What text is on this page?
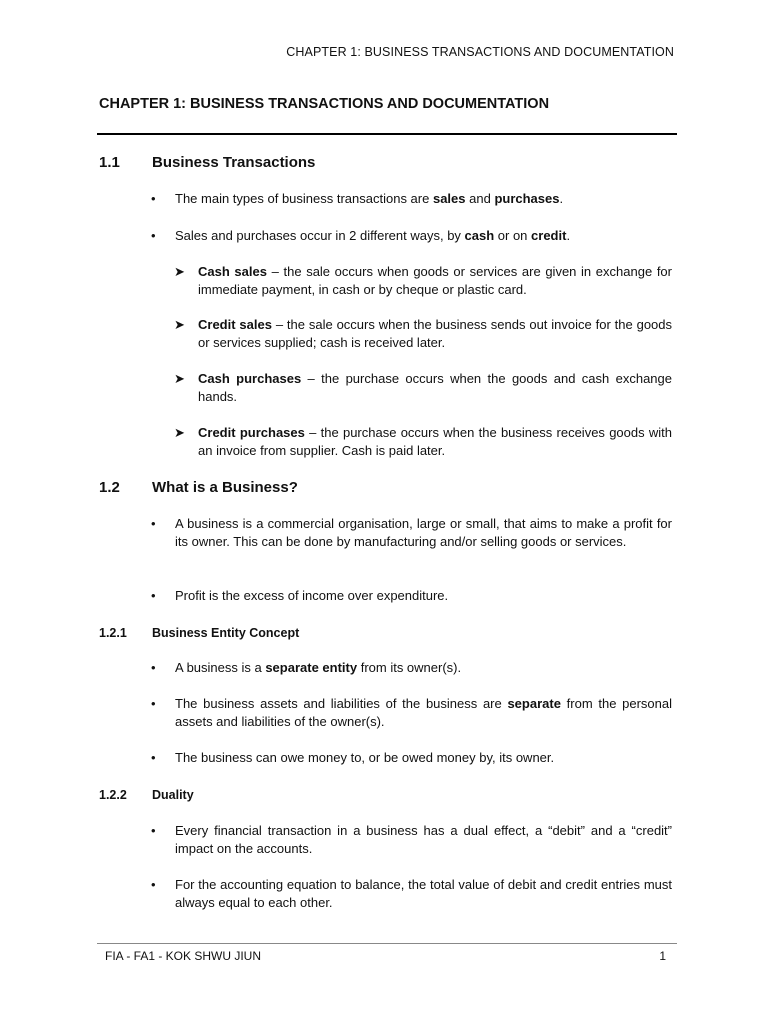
CHAPTER 1: BUSINESS TRANSACTIONS AND DOCUMENTATION
CHAPTER 1: BUSINESS TRANSACTIONS AND DOCUMENTATION
1.1 Business Transactions
• The main types of business transactions are sales and purchases.
• Sales and purchases occur in 2 different ways, by cash or on credit.
➤ Cash sales – the sale occurs when goods or services are given in exchange for immediate payment, in cash or by cheque or plastic card.
➤ Credit sales – the sale occurs when the business sends out invoice for the goods or services supplied; cash is received later.
➤ Cash purchases – the purchase occurs when the goods and cash exchange hands.
➤ Credit purchases – the purchase occurs when the business receives goods with an invoice from supplier. Cash is paid later.
1.2 What is a Business?
• A business is a commercial organisation, large or small, that aims to make a profit for its owner. This can be done by manufacturing and/or selling goods or services.
• Profit is the excess of income over expenditure.
1.2.1 Business Entity Concept
• A business is a separate entity from its owner(s).
• The business assets and liabilities of the business are separate from the personal assets and liabilities of the owner(s).
• The business can owe money to, or be owed money by, its owner.
1.2.2 Duality
• Every financial transaction in a business has a dual effect, a “debit” and a “credit” impact on the accounts.
• For the accounting equation to balance, the total value of debit and credit entries must always equal to each other.
FIA - FA1 - KOK SHWU JIUN	1
